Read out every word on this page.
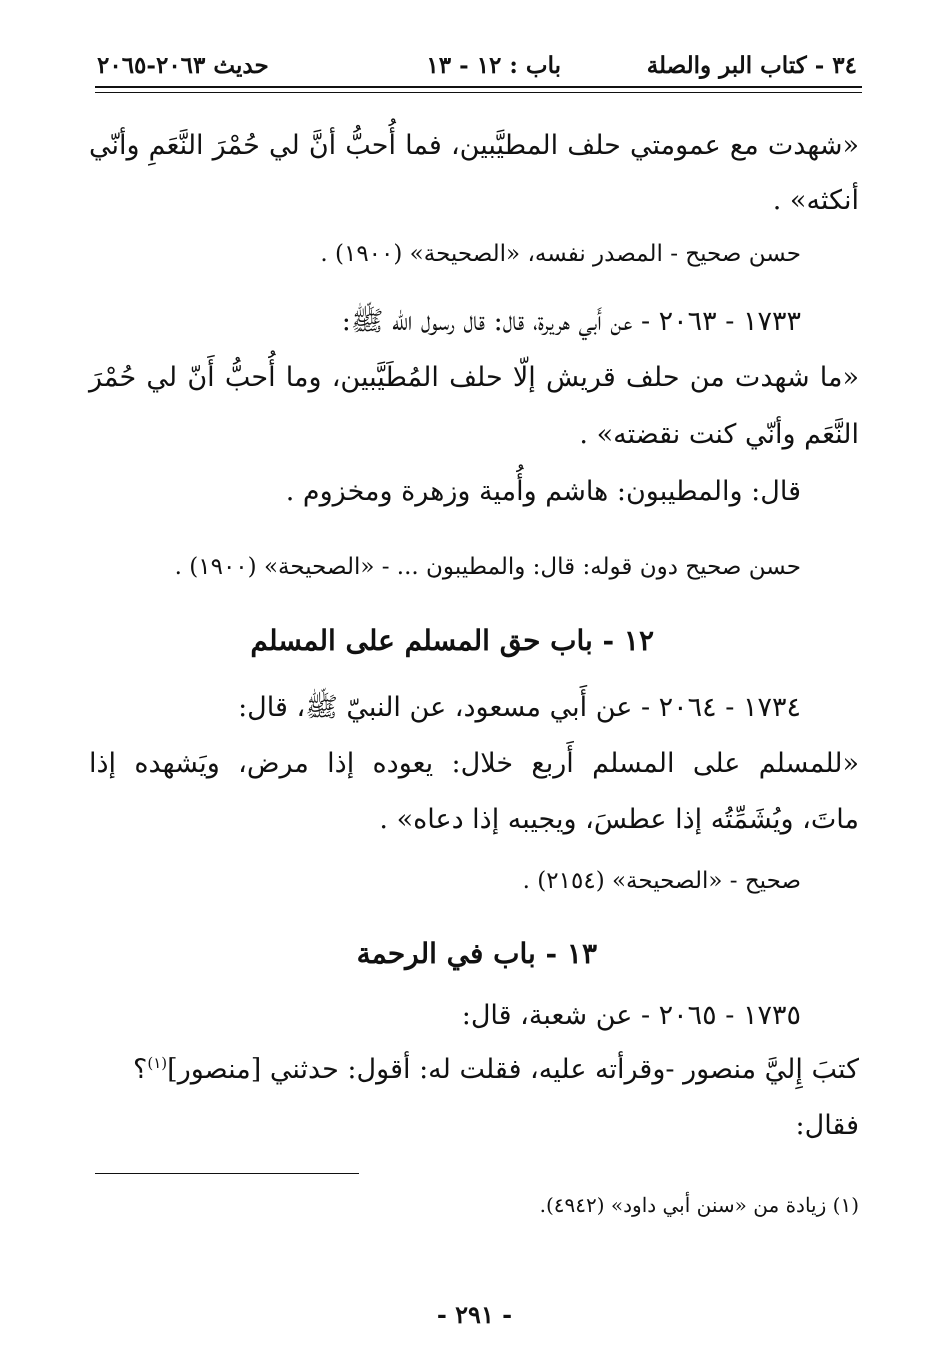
٣٤ - كتاب البر والصلة
باب : ١٢ - ١٣
حديث ٢٠٦٣-٢٠٦٥
«شهدت مع عمومتي حلف المطيَّبين، فما أُحبُّ أنَّ لي حُمْرَ النَّعَمِ وأنّي
أنكثه» .
حسن صحيح - المصدر نفسه، «الصحيحة» (١٩٠٠) .
١٧٣٣ - ٢٠٦٣ - عن أَبي هريرة، قال: قال رسول الله ﷺ:
«ما شهدت من حلف قريش إلّا حلف المُطَيَّبين، وما أُحبُّ أَنّ لي حُمْرَ
النَّعَم وأنّي كنت نقضته» .
قال: والمطيبون: هاشم وأُمية وزهرة ومخزوم .
حسن صحيح دون قوله: قال: والمطيبون ... - «الصحيحة» (١٩٠٠) .
١٢ - باب حق المسلم على المسلم
١٧٣٤ - ٢٠٦٤ - عن أَبي مسعود، عن النبيّ ﷺ، قال:
«للمسلم على المسلم أَربع خلال: يعوده إذا مرض، ويَشهده إذا
ماتَ، ويُشَمِّتُه إذا عطسَ، ويجيبه إذا دعاه» .
صحيح - «الصحيحة» (٢١٥٤) .
١٣ - باب في الرحمة
١٧٣٥ - ٢٠٦٥ - عن شعبة، قال:
كتبَ إِليَّ منصور -وقرأته عليه، فقلت له: أقول: حدثني [منصور]$^{(١)}$؟
فقال:
(١) زيادة من «سنن أبي داود» (٤٩٤٢).
- ٢٩١ -
